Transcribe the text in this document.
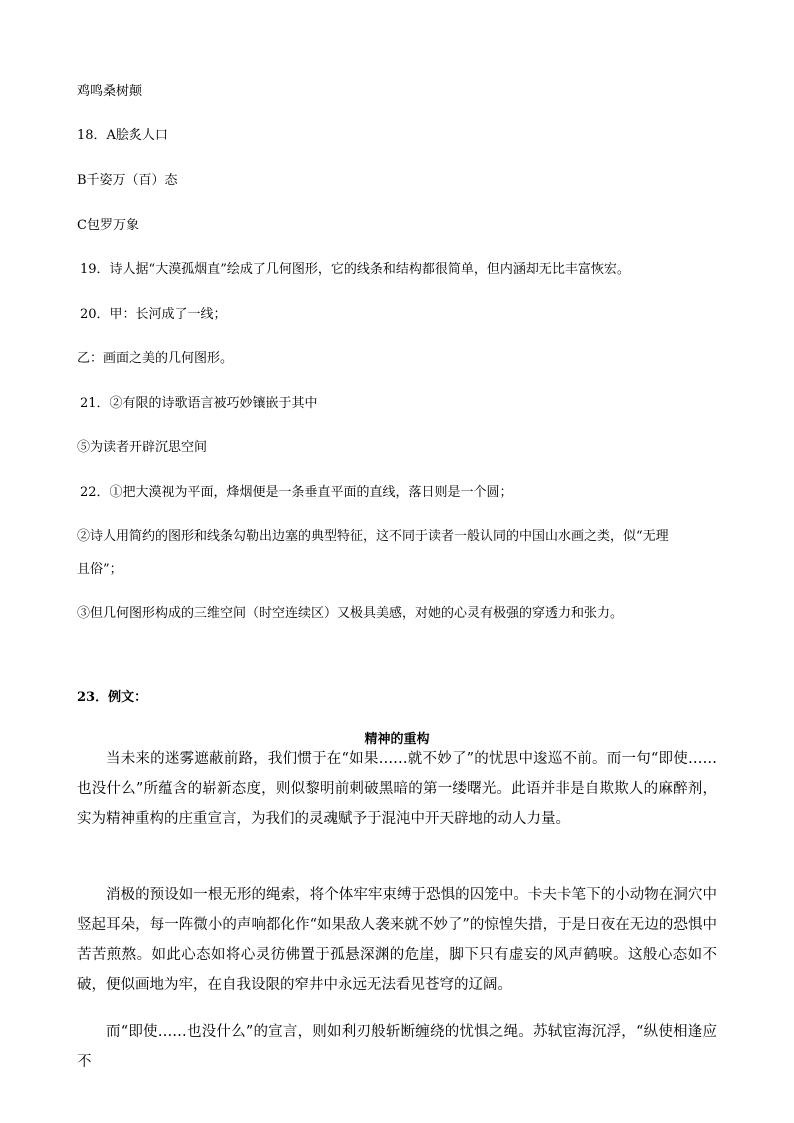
鸡鸣桑树颠
18．A脍炙人口
B千姿万（百）态
C包罗万象
19．诗人据“大漠孤烟直”绘成了几何图形，它的线条和结构都很简单，但内涵却无比丰富恢宏。
20．甲：长河成了一线；
乙：画面之美的几何图形。
21．②有限的诗歌语言被巧妙镶嵌于其中
⑤为读者开辟沉思空间
22．①把大漠视为平面，烽烟便是一条垂直平面的直线，落日则是一个圆；
②诗人用简约的图形和线条勾勒出边塞的典型特征，这不同于读者一般认同的中国山水画之类，似“无理
且俗”；
③但几何图形构成的三维空间（时空连续区）又极具美感，对她的心灵有极强的穿透力和张力。
23．例文：
精神的重构

当未来的迷雾遮蔽前路，我们惯于在“如果……就不妙了”的忧思中逡巡不前。而一句“即使……也没什么”所蕴含的崭新态度，则似黎明前刺破黑暗的第一缕曙光。此语并非是自欺欺人的麻醉剂，实为精神重构的庄重宣言，为我们的灵魂赋予于混沌中开天辟地的动人力量。

消极的预设如一根无形的绳索，将个体牢牢束缚于恐惧的囚笼中。卡夫卡笔下的小动物在洞穴中竖起耳朵，每一阵微小的声响都化作“如果敌人袭来就不妙了”的惊惶失措，于是日夜在无边的恐惧中苦苦煎熬。如此心态如将心灵彷佛置于孤悬深渊的危崖，脚下只有虚妄的风声鹤唳。这般心态如不破，便似画地为牢，在自我设限的窄井中永远无法看见苍穹的辽阔。

而“即使……也没什么”的宣言，则如利刃般斩断缠绕的忧惧之绳。苏轼宦海沉浮，“纵使相逢应不
